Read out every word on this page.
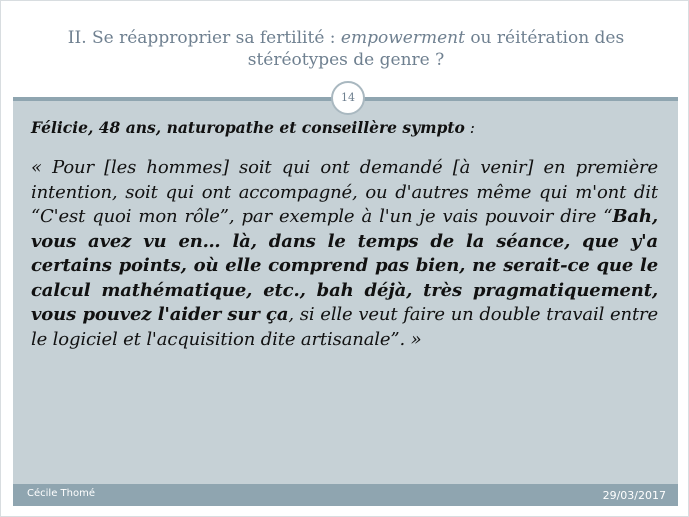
II. Se réapproprier sa fertilité : empowerment ou réitération des stéréotypes de genre ?

Félicie, 48 ans, naturopathe et conseillère sympto :

« Pour [les hommes] soit qui ont demandé [à venir] en première intention, soit qui ont accompagné, ou d'autres même qui m'ont dit “C'est quoi mon rôle”, par exemple à l'un je vais pouvoir dire “Bah, vous avez vu en… là, dans le temps de la séance, que y'a certains points, où elle comprend pas bien, ne serait-ce que le calcul mathématique, etc., bah déjà, très pragmatiquement, vous pouvez l'aider sur ça, si elle veut faire un double travail entre le logiciel et l'acquisition dite artisanale”. »

14
Cécile Thomé	29/03/2017
